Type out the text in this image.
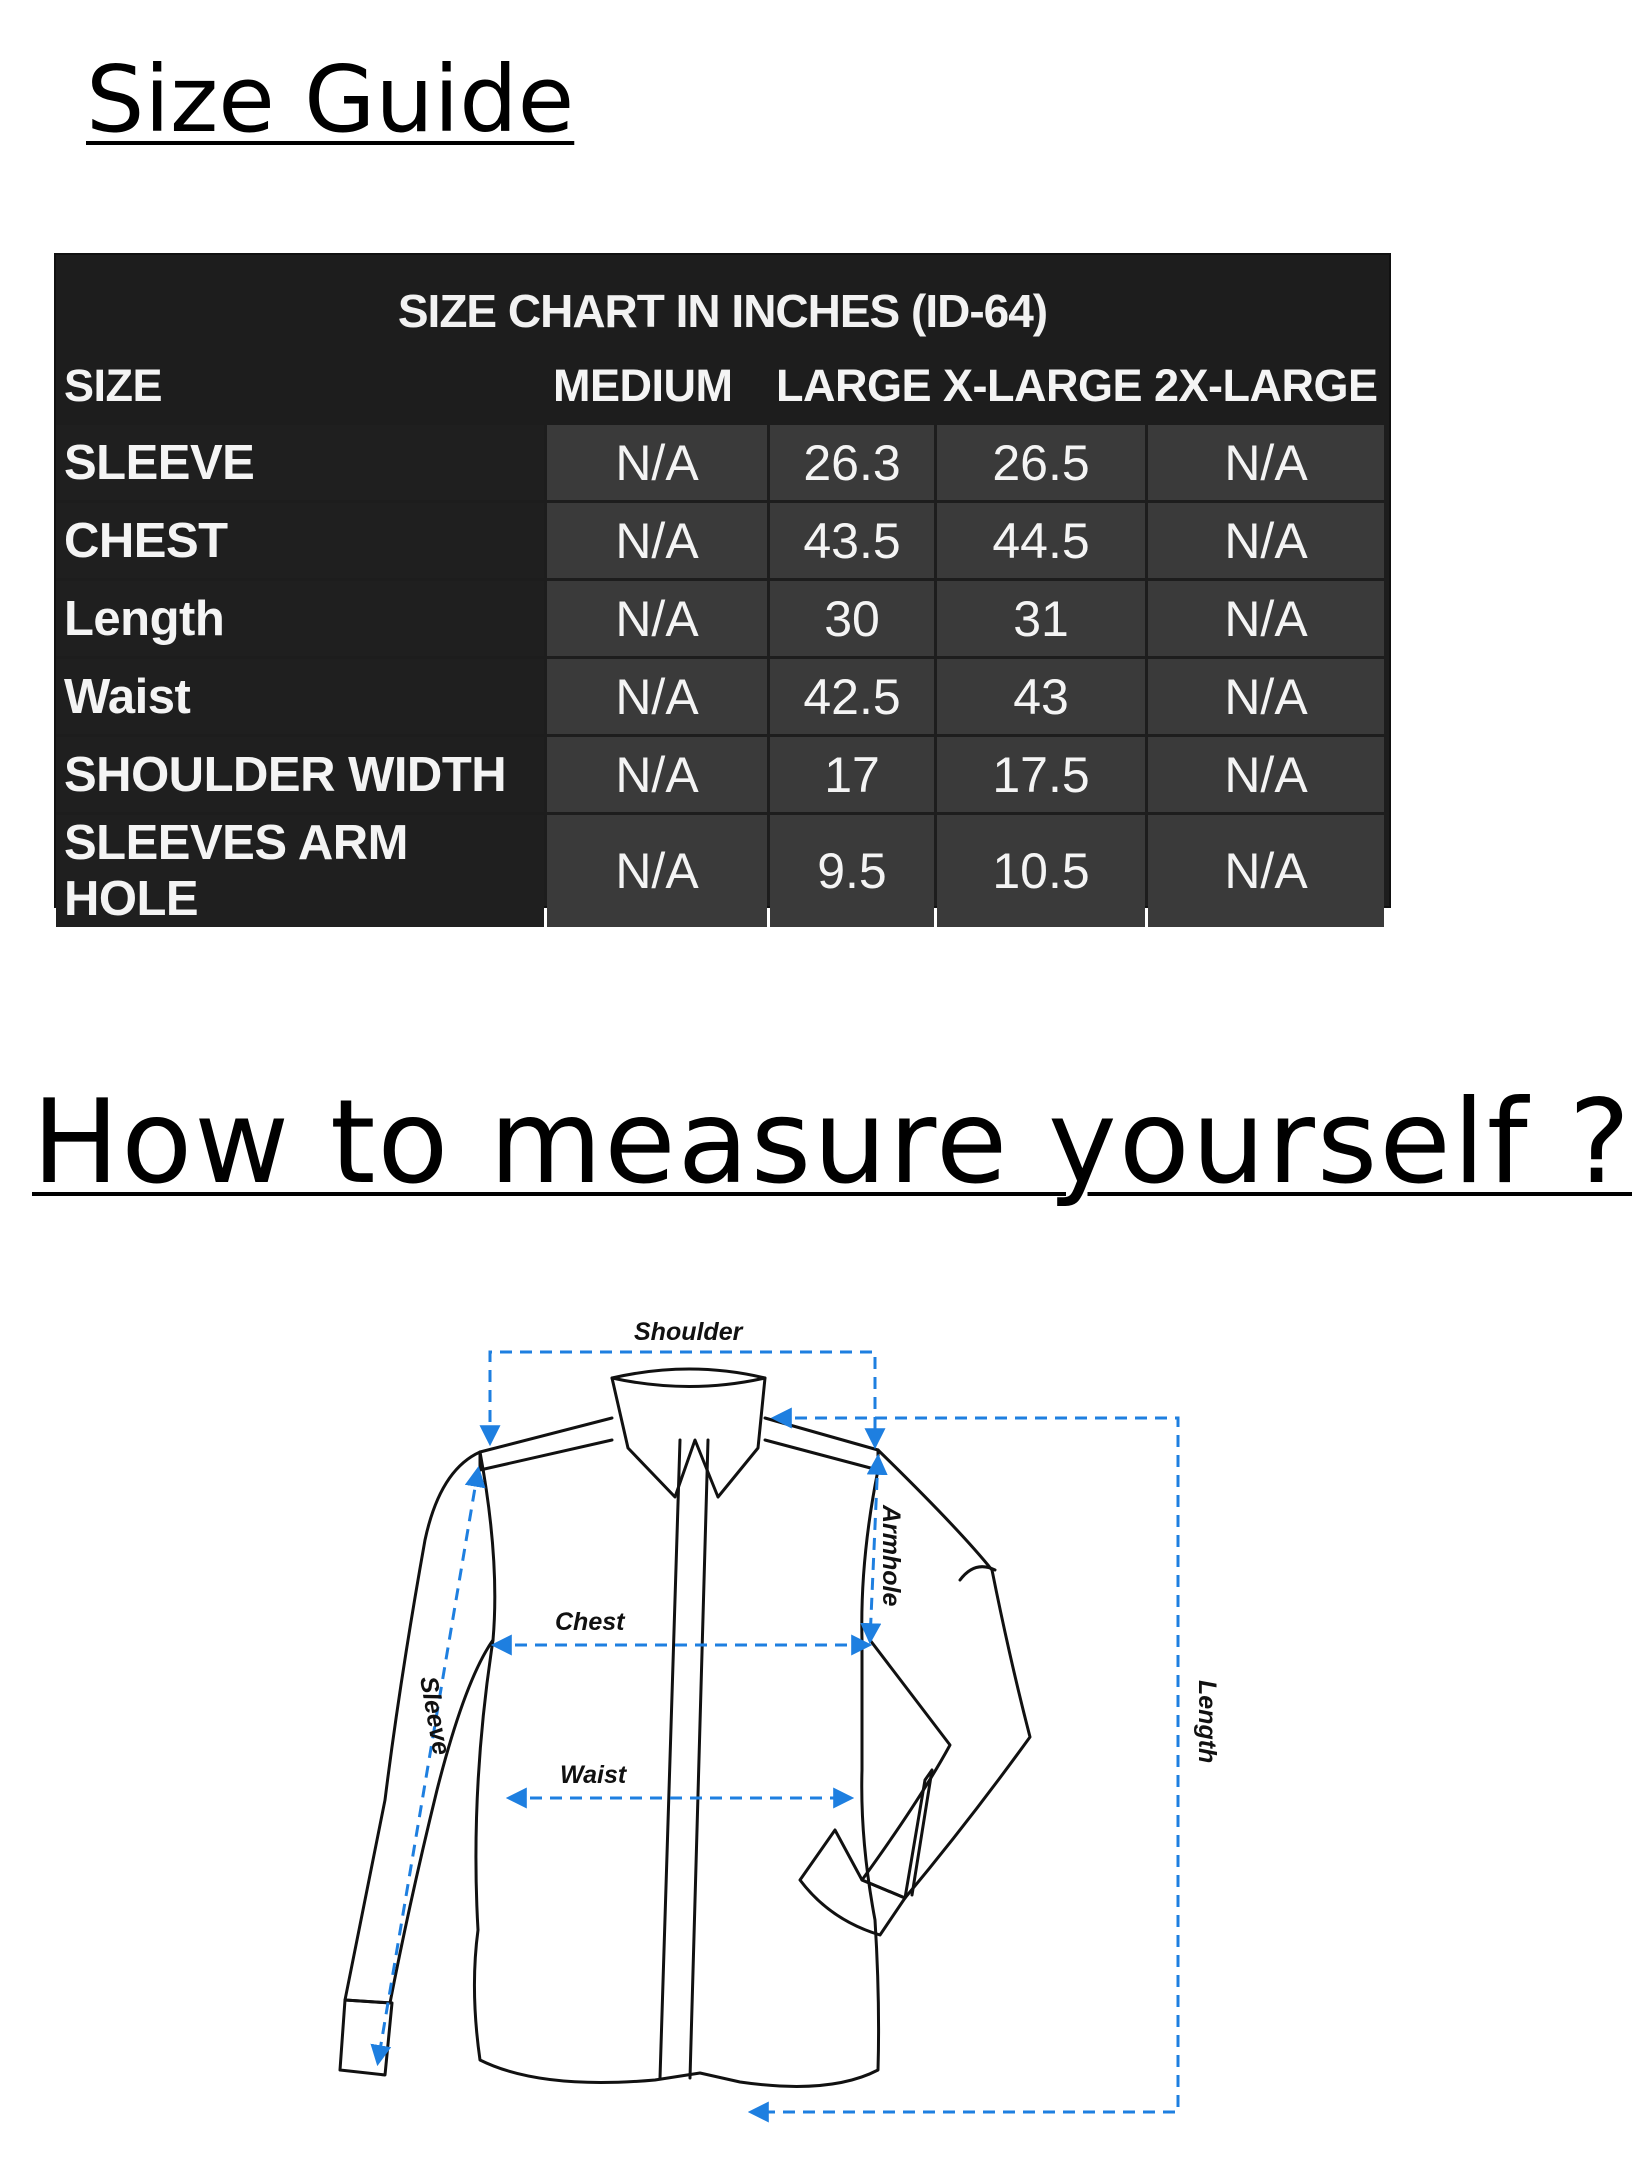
Size Guide
SIZE CHART IN INCHES (ID-64)
SIZE	MEDIUM	LARGE	X-LARGE	2X-LARGE
SLEEVE	N/A	26.3	26.5	N/A
CHEST	N/A	43.5	44.5	N/A
Length	N/A	30	31	N/A
Waist	N/A	42.5	43	N/A
SHOULDER WIDTH	N/A	17	17.5	N/A
SLEEVES ARM HOLE	N/A	9.5	10.5	N/A
How to measure yourself ?
Shoulder
Chest
Waist
Armhole
Length
Sleeve
